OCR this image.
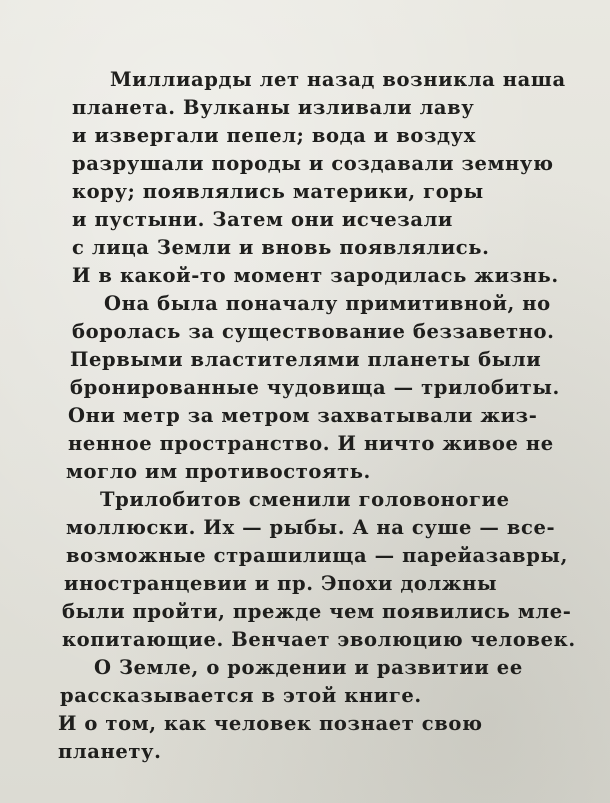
Миллиарды лет назад возникла наша

планета. Вулканы изливали лаву

и извергали пепел; вода и воздух

разрушали породы и создавали земную

кору; появлялись материки, горы

и пустыни. Затем они исчезали

с лица Земли и вновь появлялись.

И в какой-то момент зародилась жизнь.

Она была поначалу примитивной, но

боролась за существование беззаветно.

Первыми властителями планеты были

бронированные чудовища — трилобиты.

Они метр за метром захватывали жиз-

ненное пространство. И ничто живое не

могло им противостоять.

Трилобитов сменили головоногие

моллюски. Их — рыбы. А на суше — все-

возможные страшилища — парейазавры,

иностранцевии и пр. Эпохи должны

были пройти, прежде чем появились мле-

копитающие. Венчает эволюцию человек.

О Земле, о рождении и развитии ее

рассказывается в этой книге.

И о том, как человек познает свою

планету.
